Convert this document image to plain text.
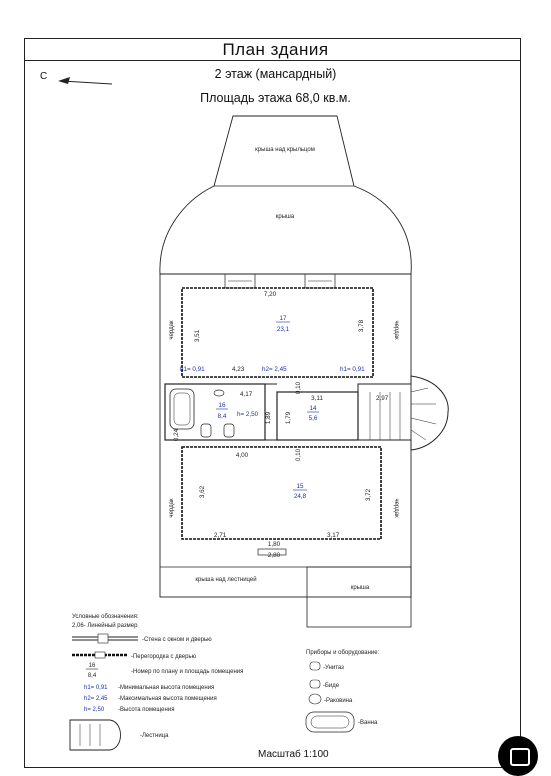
План здания
2 этаж (мансардный)
Площадь этажа 68,0 кв.м.
С
крыша над крыльцом
крыша
7,20
17
23,1
3,51
3,78
чердак	чердак
h1= 0,91	4,23	h2= 2,45	h1= 0,91
1,89 1,79
4,17
16
8,4 h= 2,50
0,24
14
5,6
3,11
0,10
0,10
2,97
4,00
15
24,8
3,62	3,72
чердак	чердак
2,71	3,17
1,80
2,80
крыша над лестницей
крыша
Условные обозначения:
2,06- Линейный размер
-Стена с окном и дверью
-Перегородка с дверью
16
8,4
-Номер по плану и площадь помещения
h1= 0,91 -Минимальная высота помещения
h2= 2,45 -Максимальная высота помещения
h= 2,50 -Высота помещения
-Лестница
Приборы и оборудование:
-Унитаз
-Биде
-Раковина
-Ванна
Масштаб 1:100
